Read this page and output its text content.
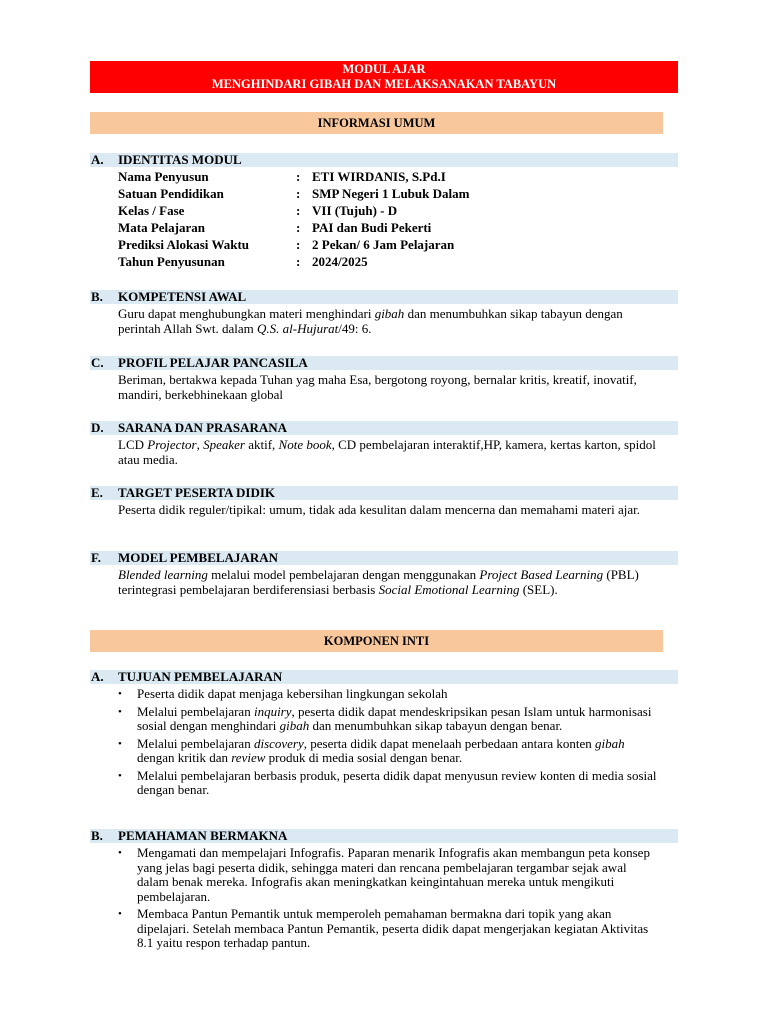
MODUL AJAR
MENGHINDARI GIBAH DAN MELAKSANAKAN TABAYUN
INFORMASI UMUM
A. IDENTITAS MODUL
Nama Penyusun	: ETI WIRDANIS, S.Pd.I
Satuan Pendidikan	: SMP Negeri 1 Lubuk Dalam
Kelas / Fase	: VII (Tujuh) - D
Mata Pelajaran	: PAI dan Budi Pekerti
Prediksi Alokasi Waktu	: 2 Pekan/ 6 Jam Pelajaran
Tahun Penyusunan	: 2024/2025
B. KOMPETENSI AWAL
Guru dapat menghubungkan materi menghindari gibah dan menumbuhkan sikap tabayun dengan perintah Allah Swt. dalam Q.S. al-Hujurat/49: 6.
C. PROFIL PELAJAR PANCASILA
Beriman, bertakwa kepada Tuhan yag maha Esa, bergotong royong, bernalar kritis, kreatif, inovatif, mandiri, berkebhinekaan global
D. SARANA DAN PRASARANA
LCD Projector, Speaker aktif, Note book, CD pembelajaran interaktif,HP, kamera, kertas karton, spidol atau media.
E. TARGET PESERTA DIDIK
Peserta didik reguler/tipikal: umum, tidak ada kesulitan dalam mencerna dan memahami materi ajar.
F. MODEL PEMBELAJARAN
Blended learning melalui model pembelajaran dengan menggunakan Project Based Learning (PBL) terintegrasi pembelajaran berdiferensiasi berbasis Social Emotional Learning (SEL).
KOMPONEN INTI
A. TUJUAN PEMBELAJARAN
• Peserta didik dapat menjaga kebersihan lingkungan sekolah
• Melalui pembelajaran inquiry, peserta didik dapat mendeskripsikan pesan Islam untuk harmonisasi sosial dengan menghindari gibah dan menumbuhkan sikap tabayun dengan benar.
• Melalui pembelajaran discovery, peserta didik dapat menelaah perbedaan antara konten gibah dengan kritik dan review produk di media sosial dengan benar.
• Melalui pembelajaran berbasis produk, peserta didik dapat menyusun review konten di media sosial dengan benar.
B. PEMAHAMAN BERMAKNA
• Mengamati dan mempelajari Infografis. Paparan menarik Infografis akan membangun peta konsep yang jelas bagi peserta didik, sehingga materi dan rencana pembelajaran tergambar sejak awal dalam benak mereka. Infografis akan meningkatkan keingintahuan mereka untuk mengikuti pembelajaran.
• Membaca Pantun Pemantik untuk memperoleh pemahaman bermakna dari topik yang akan dipelajari. Setelah membaca Pantun Pemantik, peserta didik dapat mengerjakan kegiatan Aktivitas 8.1 yaitu respon terhadap pantun.
